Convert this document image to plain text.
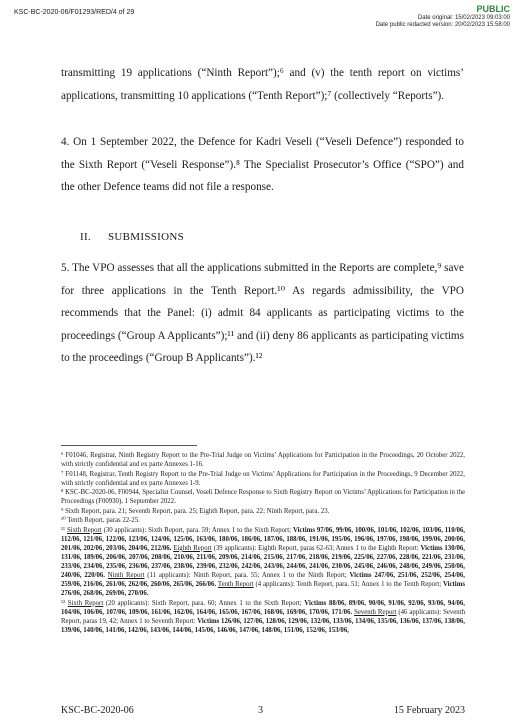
KSC-BC-2020-06/F01293/RED/4 of 29	PUBLIC
Date original: 15/02/2023 09:03:00
Date public redacted version: 20/02/2023 15:58:00

transmitting 19 applications (“Ninth Report”);⁶ and (v) the tenth report on victims’ applications, transmitting 10 applications (“Tenth Report”);⁷ (collectively “Reports”).

4. On 1 September 2022, the Defence for Kadri Veseli (“Veseli Defence”) responded to the Sixth Report (“Veseli Response”).⁸ The Specialist Prosecutor’s Office (“SPO”) and the other Defence teams did not file a response.

II. SUBMISSIONS

5. The VPO assesses that all the applications submitted in the Reports are complete,⁹ save for three applications in the Tenth Report.¹⁰ As regards admissibility, the VPO recommends that the Panel: (i) admit 84 applicants as participating victims to the proceedings (“Group A Applicants”);¹¹ and (ii) deny 86 applicants as participating victims to the proceedings (“Group B Applicants”).¹²

⁶ F01046, Registrar, Ninth Registry Report to the Pre-Trial Judge on Victims’ Applications for Participation in the Proceedings, 20 October 2022, with strictly confidential and ex parte Annexes 1-16.

⁷ F01148, Registrar, Tenth Registry Report to the Pre-Trial Judge on Victims’ Applications for Participation in the Proceedings, 9 December 2022, with strictly confidential and ex parte Annexes 1-9.

⁸ KSC-BC-2020-06, F00944, Specialist Counsel, Veseli Defence Response to Sixth Registry Report on Victims’ Applications for Participation in the Proceedings (F00930), 1 September 2022.

⁹ Sixth Report, para. 21; Seventh Report, para. 25; Eighth Report, para. 22; Ninth Report, para. 23.

¹⁰ Tenth Report, paras 22-25.

¹¹ Sixth Report (30 applicants): Sixth Report, para. 59; Annex 1 to the Sixth Report; Victims 97/06, 99/06, 100/06, 101/06, 102/06, 103/06, 110/06, 112/06, 121/06, 122/06, 123/06, 124/06, 125/06, 163/06, 180/06, 186/06, 187/06, 188/06, 191/06, 195/06, 196/06, 197/06, 198/06, 199/06, 200/06, 201/06, 202/06, 203/06, 204/06, 212/06. Eighth Report (39 applicants): Eighth Report, paras 62-63; Annex 1 to the Eighth Report: Victims 130/06, 131/06, 189/06, 206/06, 207/06, 208/06, 210/06, 211/06, 209/06, 214/06, 215/06, 217/06, 218/06, 219/06, 225/06, 227/06, 228/06, 221/06, 231/06, 233/06, 234/06, 235/06, 236/06, 237/06, 238/06, 239/06, 232/06, 242/06, 243/06, 244/06, 241/06, 230/06, 245/06, 246/06, 248/06, 249/06, 250/06, 240/06, 220/06. Ninth Report (11 applicants): Ninth Report, para. 55; Annex 1 to the Ninth Report; Victims 247/06, 251/06, 252/06, 254/06, 259/06, 216/06, 261/06, 262/06, 260/06, 265/06, 266/06. Tenth Report (4 applicants): Tenth Report, para. 51; Annex 1 to the Tenth Report; Victims 276/06, 268/06, 269/06, 270/06.

¹² Sixth Report (20 applicants): Sixth Report, para. 60; Annex 1 to the Sixth Report; Victims 88/06, 89/06, 90/06, 91/06, 92/06, 93/06, 94/06, 104/06, 106/06, 107/06, 109/06, 161/06, 162/06, 164/06, 165/06, 167/06, 168/06, 169/06, 170/06, 171/06. Seventh Report (46 applicants): Seventh Report, paras 19, 42; Annex 1 to Seventh Report: Victims 126/06, 127/06, 128/06, 129/06, 132/06, 133/06, 134/06, 135/06, 136/06, 137/06, 138/06, 139/06, 140/06, 141/06, 142/06, 143/06, 144/06, 145/06, 146/06, 147/06, 148/06, 151/06, 152/06, 153/06,

KSC-BC-2020-06	3	15 February 2023
